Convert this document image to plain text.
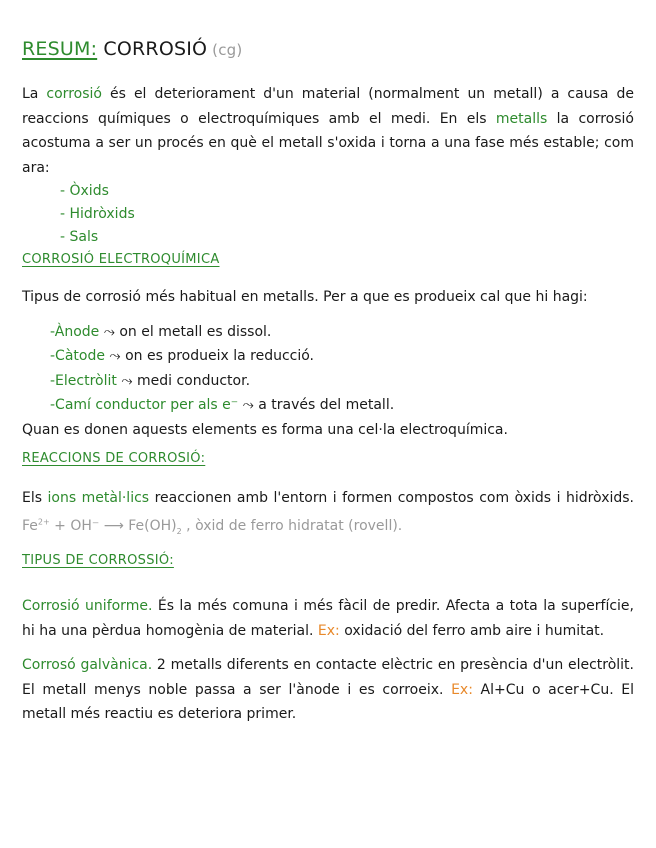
RESUM: CORROSIÓ (cg)

La corrosió és el deteriorament d'un material (normalment un metall) a causa de reaccions químiques o electroquímiques amb el medi. En els metalls la corrosió acostuma a ser un procés en què el metall s'oxida i torna a una fase més estable; com ara:

- Òxids
- Hidròxids
- Sals
CORROSIÓ ELECTROQUÍMICA

Tipus de corrosió més habitual en metalls. Per a que es produeix cal que hi hagi:

-Ànode ⤳ on el metall es dissol.
-Càtode ⤳ on es produeix la reducció.
-Electròlit ⤳ medi conductor.
-Camí conductor per als e⁻ ⤳ a través del metall.

Quan es donen aquests elements es forma una cel·la electroquímica.

REACCIONS DE CORROSIÓ:

Els ions metàl·lics reaccionen amb l'entorn i formen compostos com òxids i hidròxids. $Fe^{2+} + OH^-$ ⟶ $Fe(OH)_2$ , òxid de ferro hidratat (rovell).

TIPUS DE CORROSSIÓ:

Corrosió uniforme. És la més comuna i més fàcil de predir. Afecta a tota la superfície, hi ha una pèrdua homogènia de material. Ex: oxidació del ferro amb aire i humitat.

Corrosó galvànica. 2 metalls diferents en contacte elèctric en presència d'un electròlit. El metall menys noble passa a ser l'ànode i es corroeix. Ex: Al+Cu o acer+Cu. El metall més reactiu es deteriora primer.
